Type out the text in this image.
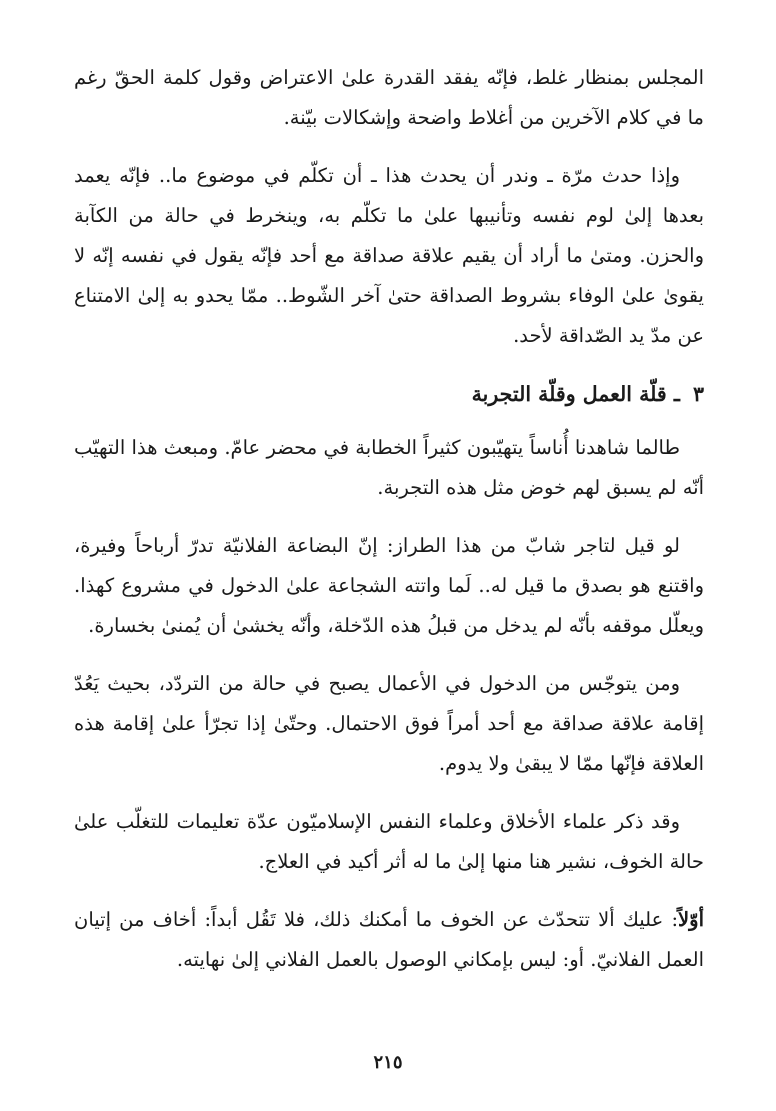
المجلس بمنظار غلط، فإنّه يفقد القدرة علىٰ الاعتراض وقول كلمة الحقّ رغم ما في كلام الآخرين من أغلاط واضحة وإشكالات بيّنة.

وإذا حدث مرّة ـ وندر أن يحدث هذا ـ أن تكلّم في موضوع ما.. فإنّه يعمد بعدها إلىٰ لوم نفسه وتأنيبها علىٰ ما تكلّم به، وينخرط في حالة من الكآبة والحزن. ومتىٰ ما أراد أن يقيم علاقة صداقة مع أحد فإنّه يقول في نفسه إنّه لا يقوىٰ علىٰ الوفاء بشروط الصداقة حتىٰ آخر الشّوط.. ممّا يحدو به إلىٰ الامتناع عن مدّ يد الصّداقة لأحد.

٣ ـ قلّة العمل وقلّة التجربة

طالما شاهدنا أُناساً يتهيّبون كثيراً الخطابة في محضر عامّ. ومبعث هذا التهيّب أنّه لم يسبق لهم خوض مثل هذه التجربة.

لو قيل لتاجر شابّ من هذا الطراز: إنّ البضاعة الفلانيّة تدرّ أرباحاً وفيرة، واقتنع هو بصدق ما قيل له.. لَما واتته الشجاعة علىٰ الدخول في مشروع كهذا. ويعلّل موقفه بأنّه لم يدخل من قبلُ هذه الدّخلة، وأنّه يخشىٰ أن يُمنىٰ بخسارة.

ومن يتوجّس من الدخول في الأعمال يصبح في حالة من التردّد، بحيث يَعُدّ إقامة علاقة صداقة مع أحد أمراً فوق الاحتمال. وحتّىٰ إذا تجرّأ علىٰ إقامة هذه العلاقة فإنّها ممّا لا يبقىٰ ولا يدوم.

وقد ذكر علماء الأخلاق وعلماء النفس الإسلاميّون عدّة تعليمات للتغلّب علىٰ حالة الخوف، نشير هنا منها إلىٰ ما له أثر أكيد في العلاج.

أوّلاً: عليك ألا تتحدّث عن الخوف ما أمكنك ذلك، فلا تَقُل أبداً: أخاف من إتيان العمل الفلانيّ. أو: ليس بإمكاني الوصول بالعمل الفلاني إلىٰ نهايته.

٢١٥
